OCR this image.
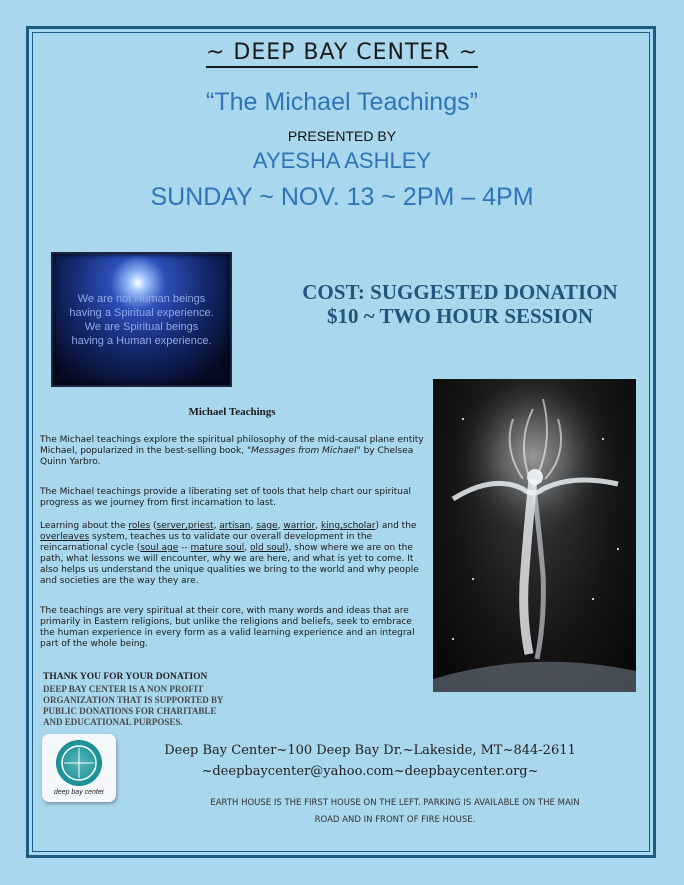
~ DEEP BAY CENTER ~
“The Michael Teachings”
PRESENTED BY
AYESHA ASHLEY
SUNDAY ~ NOV. 13 ~ 2PM – 4PM
We are not Human beings
having a Spiritual experience.
We are Spiritual beings
having a Human experience.
COST: SUGGESTED DONATION
$10 ~ TWO HOUR SESSION
Michael Teachings
The Michael teachings explore the spiritual philosophy of the mid-causal plane entity Michael, popularized in the best-selling book, "Messages from Michael" by Chelsea Quinn Yarbro.
The Michael teachings provide a liberating set of tools that help chart our spiritual progress as we journey from first incarnation to last.
Learning about the roles (server,priest, artisan, sage, warrior, king,scholar) and the overleaves system, teaches us to validate our overall development in the reincarnational cycle (soul age -- mature soul, old soul), show where we are on the path, what lessons we will encounter, why we are here, and what is yet to come. It also helps us understand the unique qualities we bring to the world and why people and societies are the way they are.
The teachings are very spiritual at their core, with many words and ideas that are primarily in Eastern religions, but unlike the religions and beliefs, seek to embrace the human experience in every form as a valid learning experience and an integral part of the whole being.
THANK YOU FOR YOUR DONATION
DEEP BAY CENTER IS A NON PROFIT
ORGANIZATION THAT IS SUPPORTED BY
PUBLIC DONATIONS FOR CHARITABLE
AND EDUCATIONAL PURPOSES.
deep bay center
Deep Bay Center~100 Deep Bay Dr.~Lakeside, MT~844-2611
~deepbaycenter@yahoo.com~deepbaycenter.org~
EARTH HOUSE IS THE FIRST HOUSE ON THE LEFT. PARKING IS AVAILABLE ON THE MAIN
ROAD AND IN FRONT OF FIRE HOUSE.
